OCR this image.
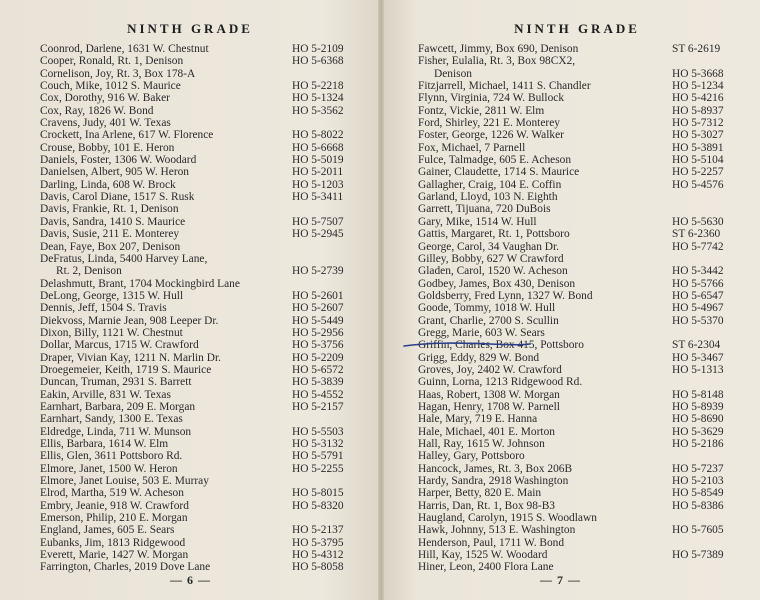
NINTH GRADE
Coonrod, Darlene, 1631 W. Chestnut	HO 5-2109
Cooper, Ronald, Rt. 1, Denison	HO 5-6368
Cornelison, Joy, Rt. 3, Box 178-A
Couch, Mike, 1012 S. Maurice	HO 5-2218
Cox, Dorothy, 916 W. Baker	HO 5-1324
Cox, Ray, 1826 W. Bond	HO 5-3562
Cravens, Judy, 401 W. Texas
Crockett, Ina Arlene, 617 W. Florence	HO 5-8022
Crouse, Bobby, 101 E. Heron	HO 5-6668
Daniels, Foster, 1306 W. Woodard	HO 5-5019
Danielsen, Albert, 905 W. Heron	HO 5-2011
Darling, Linda, 608 W. Brock	HO 5-1203
Davis, Carol Diane, 1517 S. Rusk	HO 5-3411
Davis, Frankie, Rt. 1, Denison
Davis, Sandra, 1410 S. Maurice	HO 5-7507
Davis, Susie, 211 E. Monterey	HO 5-2945
Dean, Faye, Box 207, Denison
DeFratus, Linda, 5400 Harvey Lane,
Rt. 2, Denison	HO 5-2739
Delashmutt, Brant, 1704 Mockingbird Lane
DeLong, George, 1315 W. Hull	HO 5-2601
Dennis, Jeff, 1504 S. Travis	HO 5-2607
Diekvoss, Marnie Jean, 908 Leeper Dr.	HO 5-5449
Dixon, Billy, 1121 W. Chestnut	HO 5-2956
Dollar, Marcus, 1715 W. Crawford	HO 5-3756
Draper, Vivian Kay, 1211 N. Marlin Dr.	HO 5-2209
Droegemeier, Keith, 1719 S. Maurice	HO 5-6572
Duncan, Truman, 2931 S. Barrett	HO 5-3839
Eakin, Arville, 831 W. Texas	HO 5-4552
Earnhart, Barbara, 209 E. Morgan	HO 5-2157
Earnhart, Sandy, 1300 E. Texas
Eldredge, Linda, 711 W. Munson	HO 5-5503
Ellis, Barbara, 1614 W. Elm	HO 5-3132
Ellis, Glen, 3611 Pottsboro Rd.	HO 5-5791
Elmore, Janet, 1500 W. Heron	HO 5-2255
Elmore, Janet Louise, 503 E. Murray
Elrod, Martha, 519 W. Acheson	HO 5-8015
Embry, Jeanie, 918 W. Crawford	HO 5-8320
Emerson, Philip, 210 E. Morgan
England, James, 605 E. Sears	HO 5-2137
Eubanks, Jim, 1813 Ridgewood	HO 5-3795
Everett, Marie, 1427 W. Morgan	HO 5-4312
Farrington, Charles, 2019 Dove Lane	HO 5-8058
— 6 —
NINTH GRADE
Fawcett, Jimmy, Box 690, Denison	ST 6-2619
Fisher, Eulalia, Rt. 3, Box 98CX2,
Denison	HO 5-3668
Fitzjarrell, Michael, 1411 S. Chandler	HO 5-1234
Flynn, Virginia, 724 W. Bullock	HO 5-4216
Fontz, Vickie, 2811 W. Elm	HO 5-8937
Ford, Shirley, 221 E. Monterey	HO 5-7312
Foster, George, 1226 W. Walker	HO 5-3027
Fox, Michael, 7 Parnell	HO 5-3891
Fulce, Talmadge, 605 E. Acheson	HO 5-5104
Gainer, Claudette, 1714 S. Maurice	HO 5-2257
Gallagher, Craig, 104 E. Coffin	HO 5-4576
Garland, Lloyd, 103 N. Eighth
Garrett, Tijuana, 720 DuBois
Gary, Mike, 1514 W. Hull	HO 5-5630
Gattis, Margaret, Rt. 1, Pottsboro	ST 6-2360
George, Carol, 34 Vaughan Dr.	HO 5-7742
Gilley, Bobby, 627 W Crawford
Gladen, Carol, 1520 W. Acheson	HO 5-3442
Godbey, James, Box 430, Denison	HO 5-5766
Goldsberry, Fred Lynn, 1327 W. Bond	HO 5-6547
Goode, Tommy, 1018 W. Hull	HO 5-4967
Grant, Charlie, 2700 S. Scullin	HO 5-5370
Gregg, Marie, 603 W. Sears
Griffin, Charles, Box 415, Pottsboro	ST 6-2304
Grigg, Eddy, 829 W. Bond	HO 5-3467
Groves, Joy, 2402 W. Crawford	HO 5-1313
Guinn, Lorna, 1213 Ridgewood Rd.
Haas, Robert, 1308 W. Morgan	HO 5-8148
Hagan, Henry, 1708 W. Parnell	HO 5-8939
Hale, Mary, 719 E. Hanna	HO 5-8690
Hale, Michael, 401 E. Morton	HO 5-3629
Hall, Ray, 1615 W. Johnson	HO 5-2186
Halley, Gary, Pottsboro
Hancock, James, Rt. 3, Box 206B	HO 5-7237
Hardy, Sandra, 2918 Washington	HO 5-2103
Harper, Betty, 820 E. Main	HO 5-8549
Harris, Dan, Rt. 1, Box 98-B3	HO 5-8386
Haugland, Carolyn, 1915 S. Woodlawn
Hawk, Johnny, 513 E. Washington	HO 5-7605
Henderson, Paul, 1711 W. Bond
Hill, Kay, 1525 W. Woodard	HO 5-7389
Hiner, Leon, 2400 Flora Lane
— 7 —
